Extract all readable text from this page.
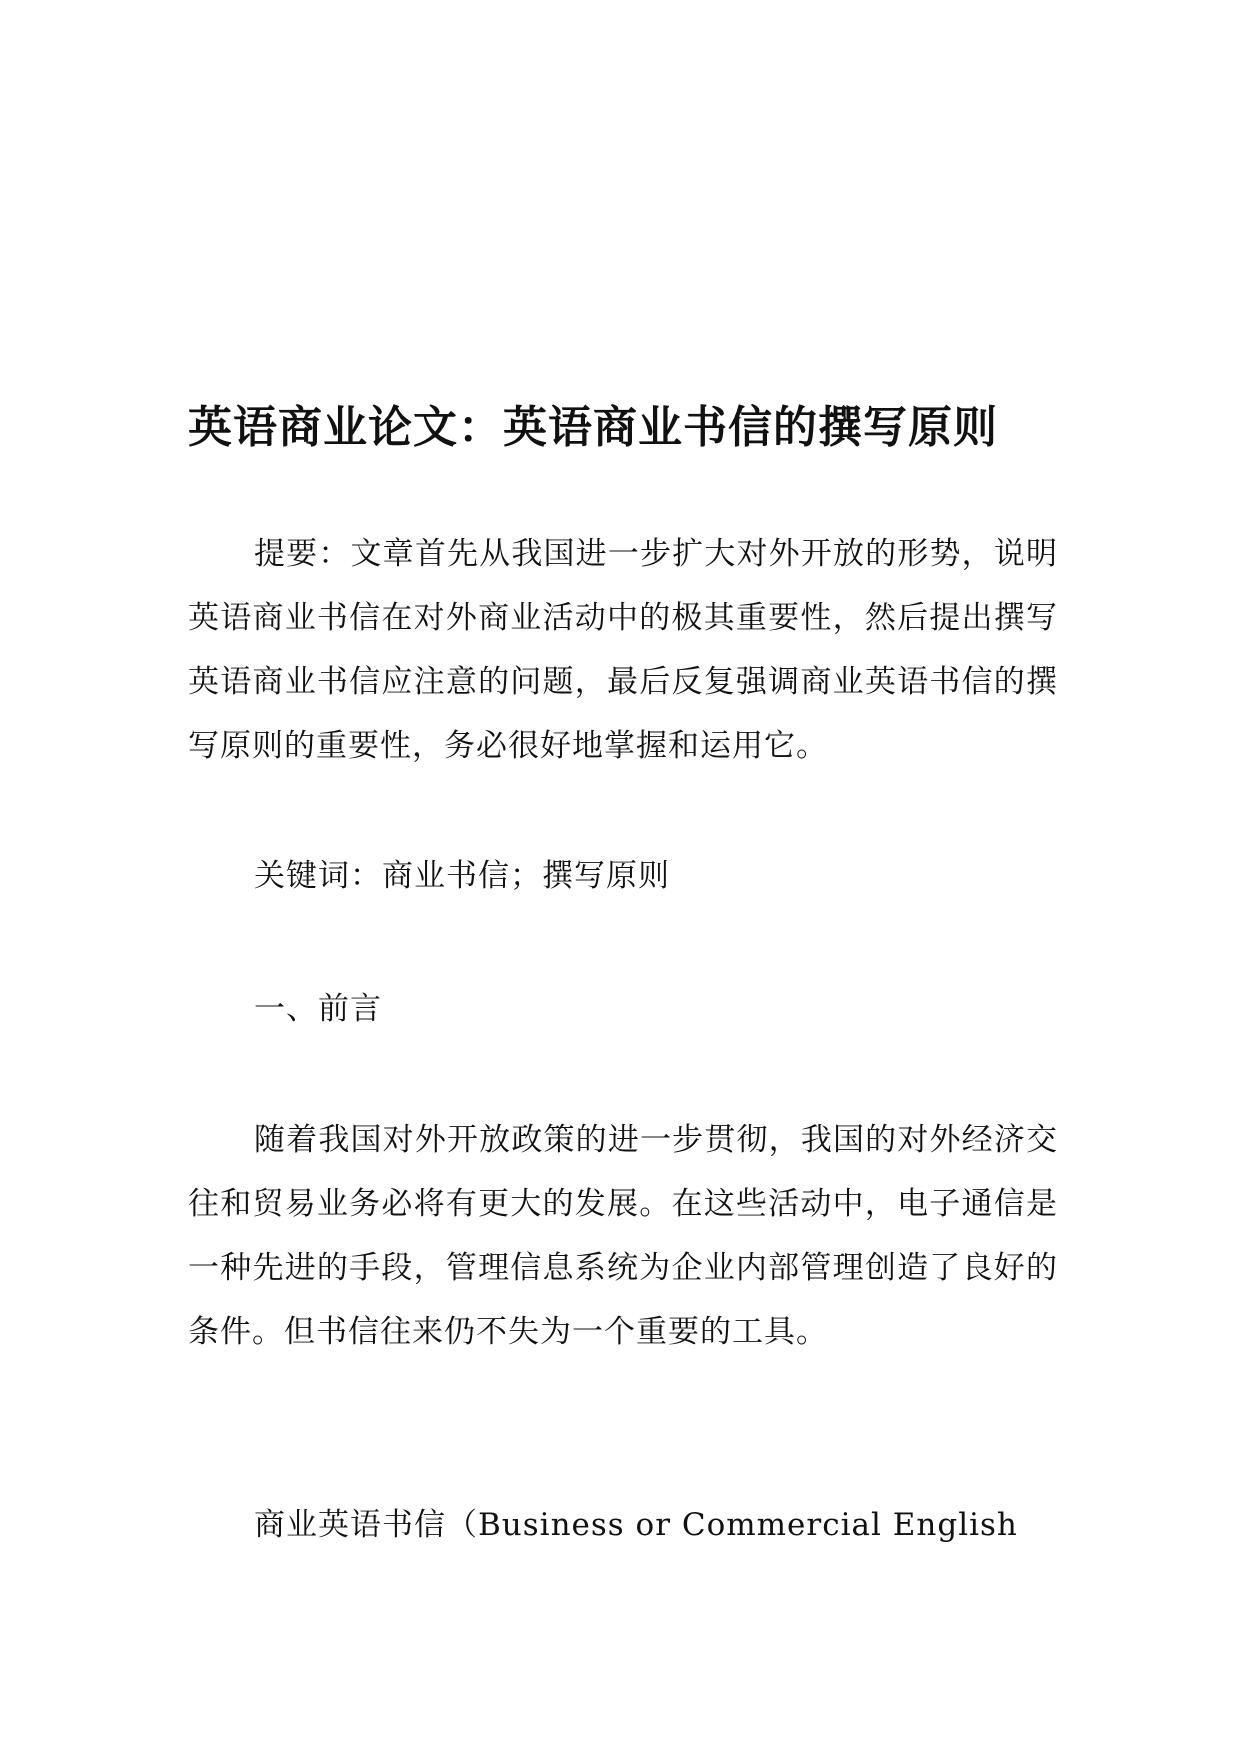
英语商业论文：英语商业书信的撰写原则

提要：文章首先从我国进一步扩大对外开放的形势，说明英语商业书信在对外商业活动中的极其重要性，然后提出撰写英语商业书信应注意的问题，最后反复强调商业英语书信的撰写原则的重要性，务必很好地掌握和运用它。

关键词：商业书信；撰写原则

一、前言

随着我国对外开放政策的进一步贯彻，我国的对外经济交往和贸易业务必将有更大的发展。在这些活动中，电子通信是一种先进的手段，管理信息系统为企业内部管理创造了良好的条件。但书信往来仍不失为一个重要的工具。

商业英语书信（Business or Commercial English
